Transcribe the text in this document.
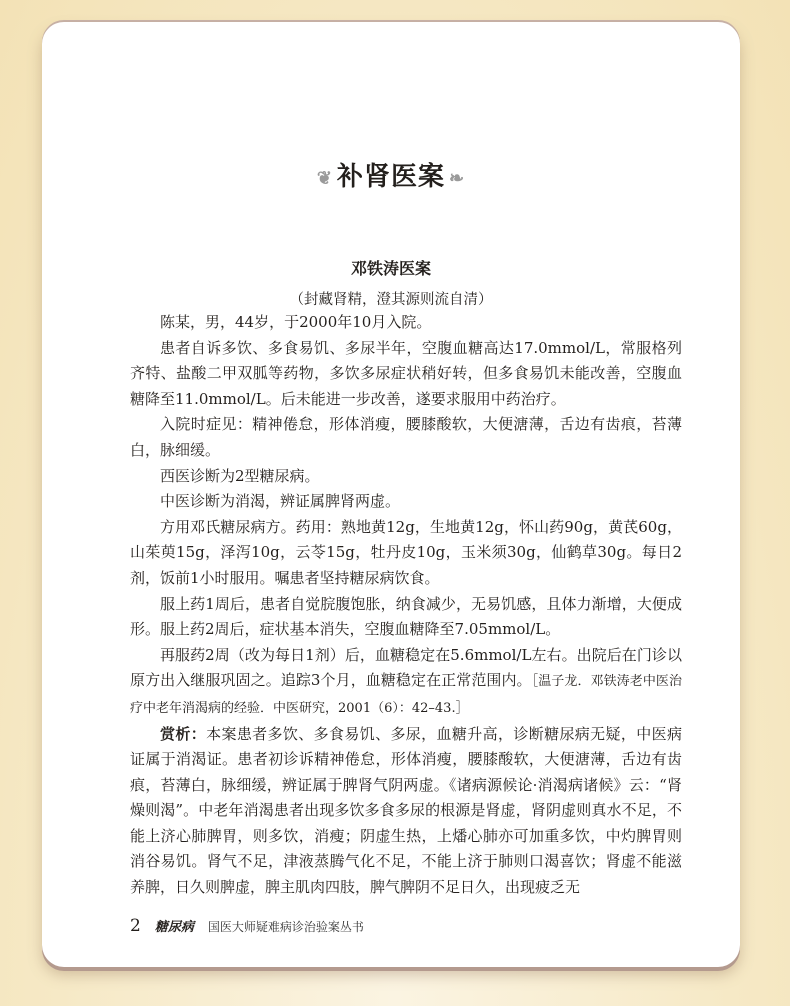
❦ 补肾医案 ❧
邓铁涛医案
（封藏肾精，澄其源则流自清）

陈某，男，44岁，于2000年10月入院。

患者自诉多饮、多食易饥、多尿半年，空腹血糖高达17.0mmol/L，常服格列齐特、盐酸二甲双胍等药物，多饮多尿症状稍好转，但多食易饥未能改善，空腹血糖降至11.0mmol/L。后未能进一步改善，遂要求服用中药治疗。

入院时症见：精神倦怠，形体消瘦，腰膝酸软，大便溏薄，舌边有齿痕，苔薄白，脉细缓。

西医诊断为2型糖尿病。

中医诊断为消渴，辨证属脾肾两虚。

方用邓氏糖尿病方。药用：熟地黄12g，生地黄12g，怀山药90g，黄芪60g，山茱萸15g，泽泻10g，云苓15g，牡丹皮10g，玉米须30g，仙鹤草30g。每日2剂，饭前1小时服用。嘱患者坚持糖尿病饮食。

服上药1周后，患者自觉脘腹饱胀，纳食减少，无易饥感，且体力渐增，大便成形。服上药2周后，症状基本消失，空腹血糖降至7.05mmol/L。

再服药2周（改为每日1剂）后，血糖稳定在5.6mmol/L左右。出院后在门诊以原方出入继服巩固之。追踪3个月，血糖稳定在正常范围内。［温子龙．邓铁涛老中医治疗中老年消渴病的经验．中医研究，2001（6）：42–43.］

赏析：本案患者多饮、多食易饥、多尿，血糖升高，诊断糖尿病无疑，中医病证属于消渴证。患者初诊诉精神倦怠，形体消瘦，腰膝酸软，大便溏薄，舌边有齿痕，苔薄白，脉细缓，辨证属于脾肾气阴两虚。《诸病源候论·消渴病诸候》云：“肾燥则渴”。中老年消渴患者出现多饮多食多尿的根源是肾虚，肾阴虚则真水不足，不能上济心肺脾胃，则多饮，消瘦；阴虚生热，上燔心肺亦可加重多饮，中灼脾胃则消谷易饥。肾气不足，津液蒸腾气化不足，不能上济于肺则口渴喜饮；肾虚不能滋养脾，日久则脾虚，脾主肌肉四肢，脾气脾阴不足日久，出现疲乏无

2 糖尿病 国医大师疑难病诊治验案丛书
